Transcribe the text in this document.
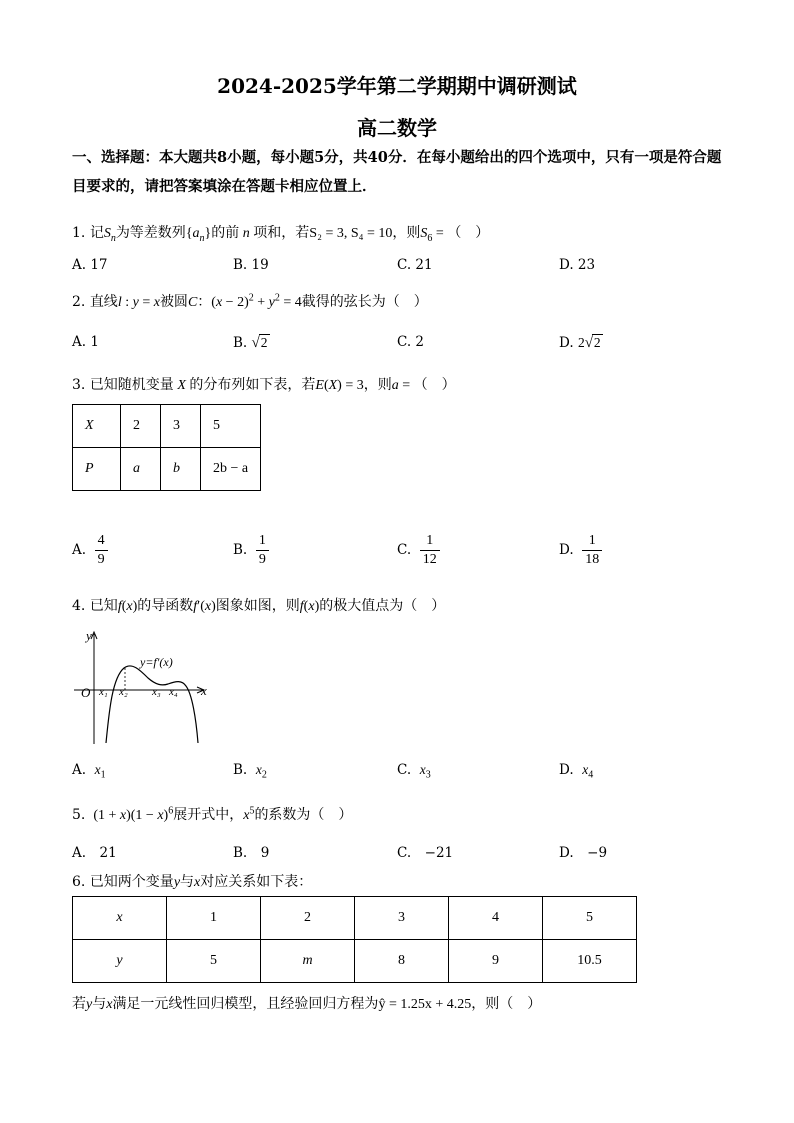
2024-2025学年第二学期期中调研测试
高二数学
一、选择题：本大题共8小题，每小题5分，共40分．在每小题给出的四个选项中，只有一项是符合题目要求的，请把答案填涂在答题卡相应位置上．
1. 记$S_n$为等差数列$\{a_n\}$的前 n 项和，若S₂ = 3, S₄ = 10，则$S_6$ = （　）
A. 17	B. 19	C. 21	D. 23
2. 直线l : y = x被圆C：$(x - 2)^2 + y^2 = 4$截得的弦长为（　）
A. 1	B. √2	C. 2	D. 2√2
3. 已知随机变量 X 的分布列如下表，若E(X) = 3，则a = （　）
X	2	3	5
P	a	b	2b − a
A. $\frac{4}{9}$	B. $\frac{1}{9}$	C. $\frac{1}{12}$	D. $\frac{1}{18}$
4. 已知f(x)的导函数f′(x)图象如图，则f(x)的极大值点为（　）
y
x
O
y=f′(x)
x₁ x₂ x₃ x₄
A. $x_1$	B. $x_2$	C. $x_3$	D. $x_4$
5.  $(1 + x)(1 - x)^6$展开式中，$x^5$的系数为（　）
A.　21	B.　9	C.　−21	D.　−9
6. 已知两个变量y与x对应关系如下表：
x	1	2	3	4	5
y	5	m	8	9	10.5
若y与x满足一元线性回归模型，且经验回归方程为ŷ = 1.25x + 4.25，则（　）
